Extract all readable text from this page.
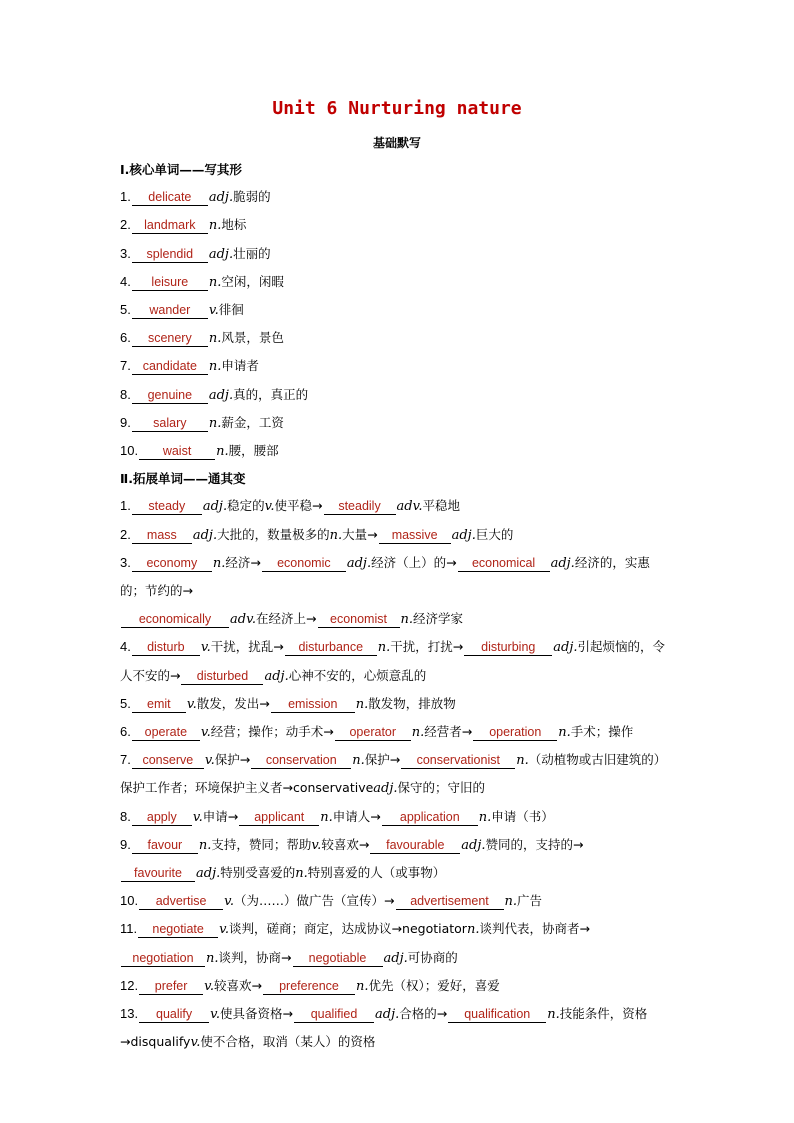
Unit 6 Nurturing nature
基础默写
Ⅰ.核心单词——写其形
1. delicate adj.脆弱的
2. landmark n.地标
3. splendid adj.壮丽的
4. leisure n.空闲，闲暇
5. wander v.徘徊
6. scenery n.风景，景色
7. candidate n.申请者
8. genuine adj.真的，真正的
9. salary n.薪金，工资
10. waist n.腰，腰部
Ⅱ.拓展单词——通其变
1. steady adj.稳定的v.使平稳→ steadily adv.平稳地
2. mass adj.大批的，数量极多的n.大量→ massive adj.巨大的
3. economy n.经济→ economic adj.经济（上）的→ economical adj.经济的，实惠的；节约的→
economically adv.在经济上→ economist n.经济学家
4. disturb v.干扰，扰乱→ disturbance n.干扰，打扰→ disturbing adj.引起烦恼的，令人不安的→ disturbed adj.心神不安的，心烦意乱的
5. emit v.散发，发出→ emission n.散发物，排放物
6. operate v.经营；操作；动手术→ operator n.经营者→ operation n.手术；操作
7. conserve v.保护→ conservation n.保护→ conservationist n.（动植物或古旧建筑的）保护工作者；环境保护主义者→conservativeadj.保守的；守旧的
8. apply v.申请→ applicant n.申请人→ application n.申请（书）
9. favour n.支持，赞同；帮助v.较喜欢→ favourable adj.赞同的，支持的→
favourite adj.特别受喜爱的n.特别喜爱的人（或事物）
10. advertise v.（为……）做广告（宣传）→ advertisement n.广告
11. negotiate v.谈判，磋商；商定，达成协议→negotiatorn.谈判代表，协商者→
negotiation n.谈判，协商→ negotiable adj.可协商的
12. prefer v.较喜欢→ preference n.优先（权）；爱好，喜爱
13. qualify v.使具备资格→ qualified adj.合格的→ qualification n.技能条件，资格→disqualifyv.使不合格，取消（某人）的资格
